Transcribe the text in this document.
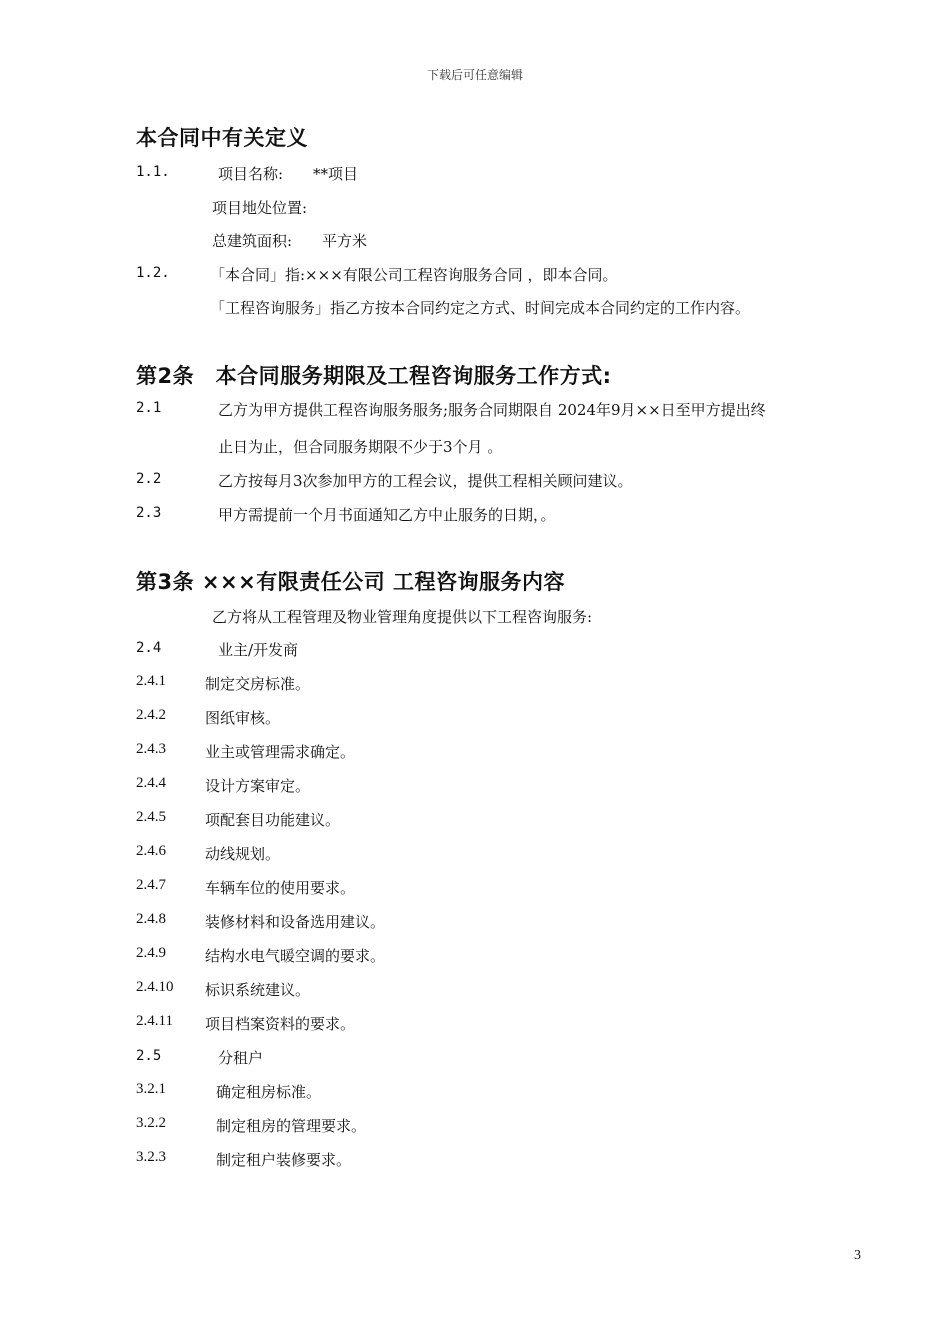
下载后可任意编辑
本合同中有关定义
1.1.	项目名称:　　**项目
项目地处位置:
总建筑面积:　　平方米
1.2.	「本合同」指:×××有限公司工程咨询服务合同 ，即本合同。
「工程咨询服务」指乙方按本合同约定之方式、时间完成本合同约定的工作内容。
第2条　本合同服务期限及工程咨询服务工作方式:
2.1	乙方为甲方提供工程咨询服务服务;服务合同期限自 2024年9月××日至甲方提出终
止日为止，但合同服务期限不少于3个月 。
2.2	乙方按每月3次参加甲方的工程会议，提供工程相关顾问建议。
2.3	甲方需提前一个月书面通知乙方中止服务的日期，。
第3条 ×××有限责任公司 工程咨询服务内容
乙方将从工程管理及物业管理角度提供以下工程咨询服务:
2.4	业主/开发商
2.4.1	制定交房标准。
2.4.2	图纸审核。
2.4.3	业主或管理需求确定。
2.4.4	设计方案审定。
2.4.5	项配套目功能建议。
2.4.6	动线规划。
2.4.7	车辆车位的使用要求。
2.4.8	装修材料和设备选用建议。
2.4.9	结构水电气暖空调的要求。
2.4.10 标识系统建议。
2.4.11 项目档案资料的要求。
2.5	分租户
3.2.1	确定租房标准。
3.2.2	制定租房的管理要求。
3.2.3	制定租户装修要求。
3
